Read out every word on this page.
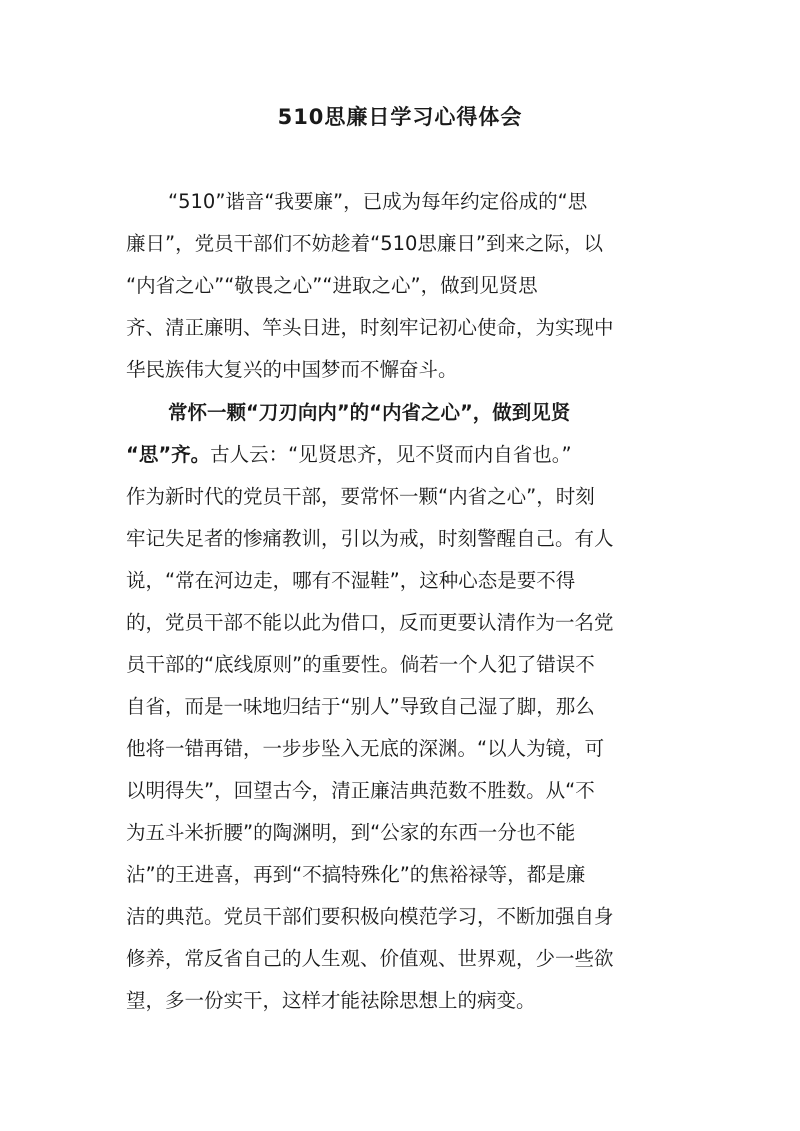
510思廉日学习心得体会
“510”谐音“我要廉”，已成为每年约定俗成的“思
廉日”，党员干部们不妨趁着“510思廉日”到来之际，以
“内省之心”“敬畏之心”“进取之心”，做到见贤思
齐、清正廉明、竿头日进，时刻牢记初心使命，为实现中
华民族伟大复兴的中国梦而不懈奋斗。
常怀一颗“刀刃向内”的“内省之心”，做到见贤
“思”齐。古人云：“见贤思齐，见不贤而内自省也。”
作为新时代的党员干部，要常怀一颗“内省之心”，时刻
牢记失足者的惨痛教训，引以为戒，时刻警醒自己。有人
说，“常在河边走，哪有不湿鞋”，这种心态是要不得
的，党员干部不能以此为借口，反而更要认清作为一名党
员干部的“底线原则”的重要性。倘若一个人犯了错误不
自省，而是一味地归结于“别人”导致自己湿了脚，那么
他将一错再错，一步步坠入无底的深渊。“以人为镜，可
以明得失”，回望古今，清正廉洁典范数不胜数。从“不
为五斗米折腰”的陶渊明，到“公家的东西一分也不能
沾”的王进喜，再到“不搞特殊化”的焦裕禄等，都是廉
洁的典范。党员干部们要积极向模范学习，不断加强自身
修养，常反省自己的人生观、价值观、世界观，少一些欲
望，多一份实干，这样才能祛除思想上的病变。
